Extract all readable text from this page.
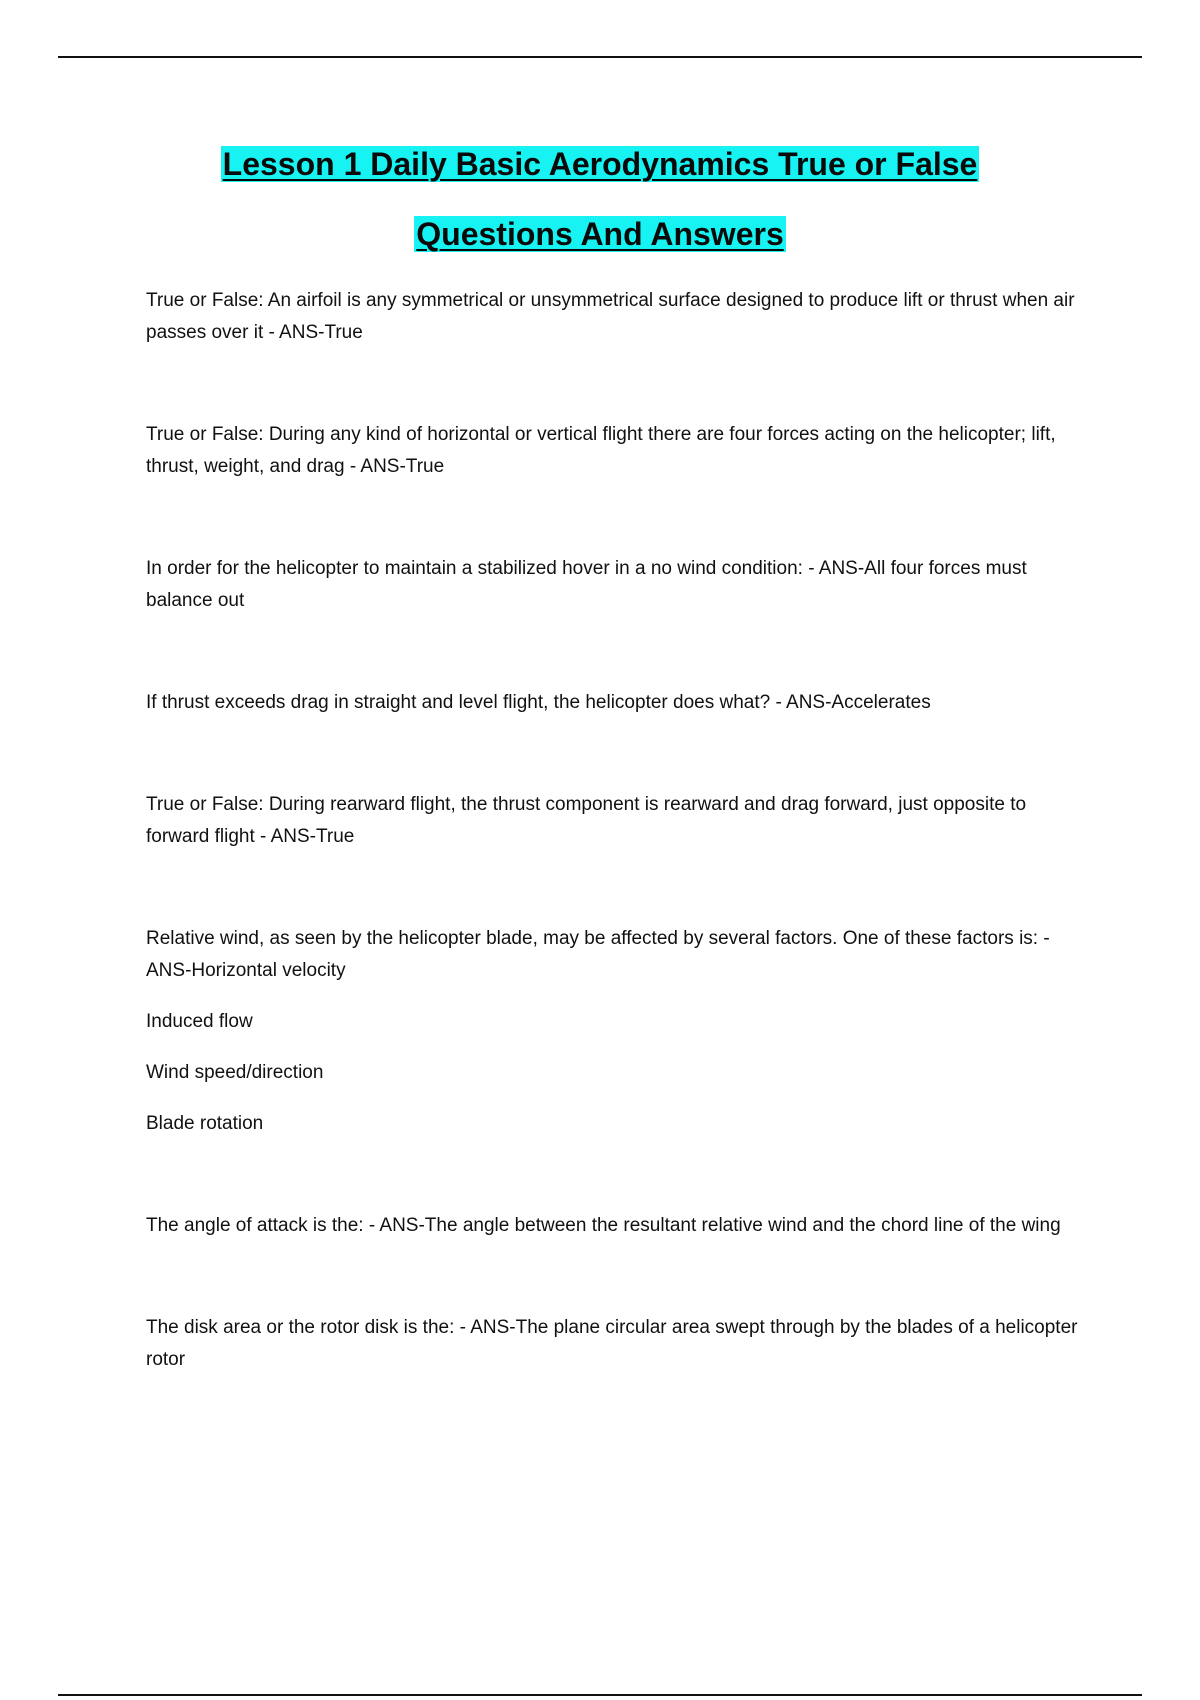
Lesson 1 Daily Basic Aerodynamics True or False

Questions And Answers

True or False: An airfoil is any symmetrical or unsymmetrical surface designed to produce lift or thrust when air passes over it - ANS-True

True or False: During any kind of horizontal or vertical flight there are four forces acting on the helicopter; lift, thrust, weight, and drag - ANS-True

In order for the helicopter to maintain a stabilized hover in a no wind condition: - ANS-All four forces must balance out

If thrust exceeds drag in straight and level flight, the helicopter does what? - ANS-Accelerates

True or False: During rearward flight, the thrust component is rearward and drag forward, just opposite to forward flight - ANS-True

Relative wind, as seen by the helicopter blade, may be affected by several factors. One of these factors is: - ANS-Horizontal velocity

Induced flow

Wind speed/direction

Blade rotation

The angle of attack is the: - ANS-The angle between the resultant relative wind and the chord line of the wing

The disk area or the rotor disk is the: - ANS-The plane circular area swept through by the blades of a helicopter rotor
